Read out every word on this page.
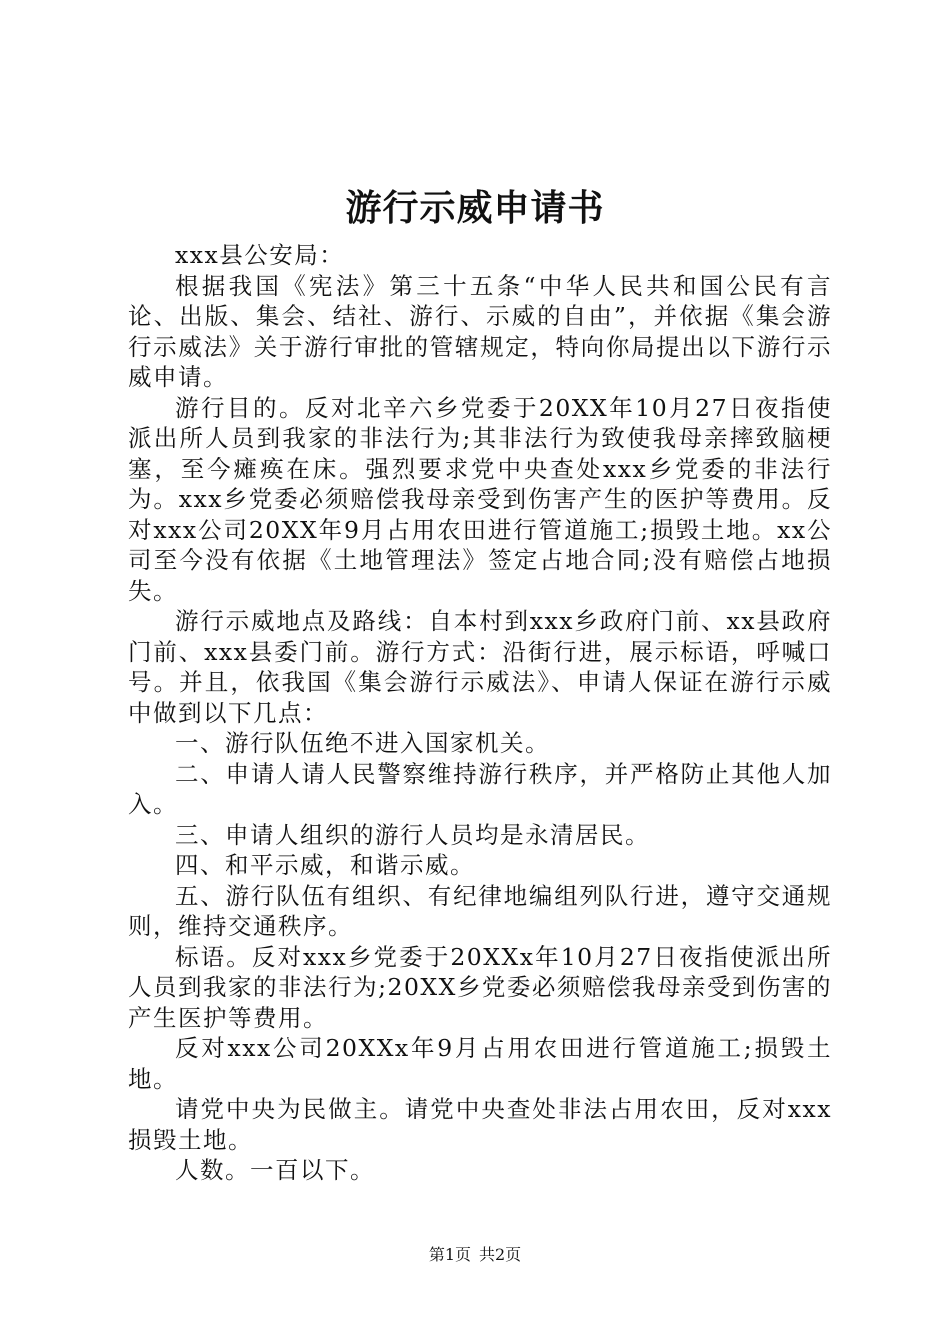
游行示威申请书

xxx县公安局：

根据我国《宪法》第三十五条“中华人民共和国公民有言论、出版、集会、结社、游行、示威的自由”，并依据《集会游行示威法》关于游行审批的管辖规定，特向你局提出以下游行示威申请。

游行目的。反对北辛六乡党委于20XX年10月27日夜指使派出所人员到我家的非法行为;其非法行为致使我母亲摔致脑梗塞，至今瘫痪在床。强烈要求党中央查处xxx乡党委的非法行为。xxx乡党委必须赔偿我母亲受到伤害产生的医护等费用。反对xxx公司20XX年9月占用农田进行管道施工;损毁土地。xx公司至今没有依据《土地管理法》签定占地合同;没有赔偿占地损失。

游行示威地点及路线：自本村到xxx乡政府门前、xx县政府门前、xxx县委门前。游行方式：沿街行进，展示标语，呼喊口号。并且，依我国《集会游行示威法》、申请人保证在游行示威中做到以下几点：

一、游行队伍绝不进入国家机关。

二、申请人请人民警察维持游行秩序，并严格防止其他人加入。

三、申请人组织的游行人员均是永清居民。

四、和平示威，和谐示威。

五、游行队伍有组织、有纪律地编组列队行进，遵守交通规则，维持交通秩序。

标语。反对xxx乡党委于20XXx年10月27日夜指使派出所人员到我家的非法行为;20XX乡党委必须赔偿我母亲受到伤害的产生医护等费用。

反对xxx公司20XXx年9月占用农田进行管道施工;损毁土地。

请党中央为民做主。请党中央查处非法占用农田，反对xxx损毁土地。

人数。一百以下。

第1页 共2页
